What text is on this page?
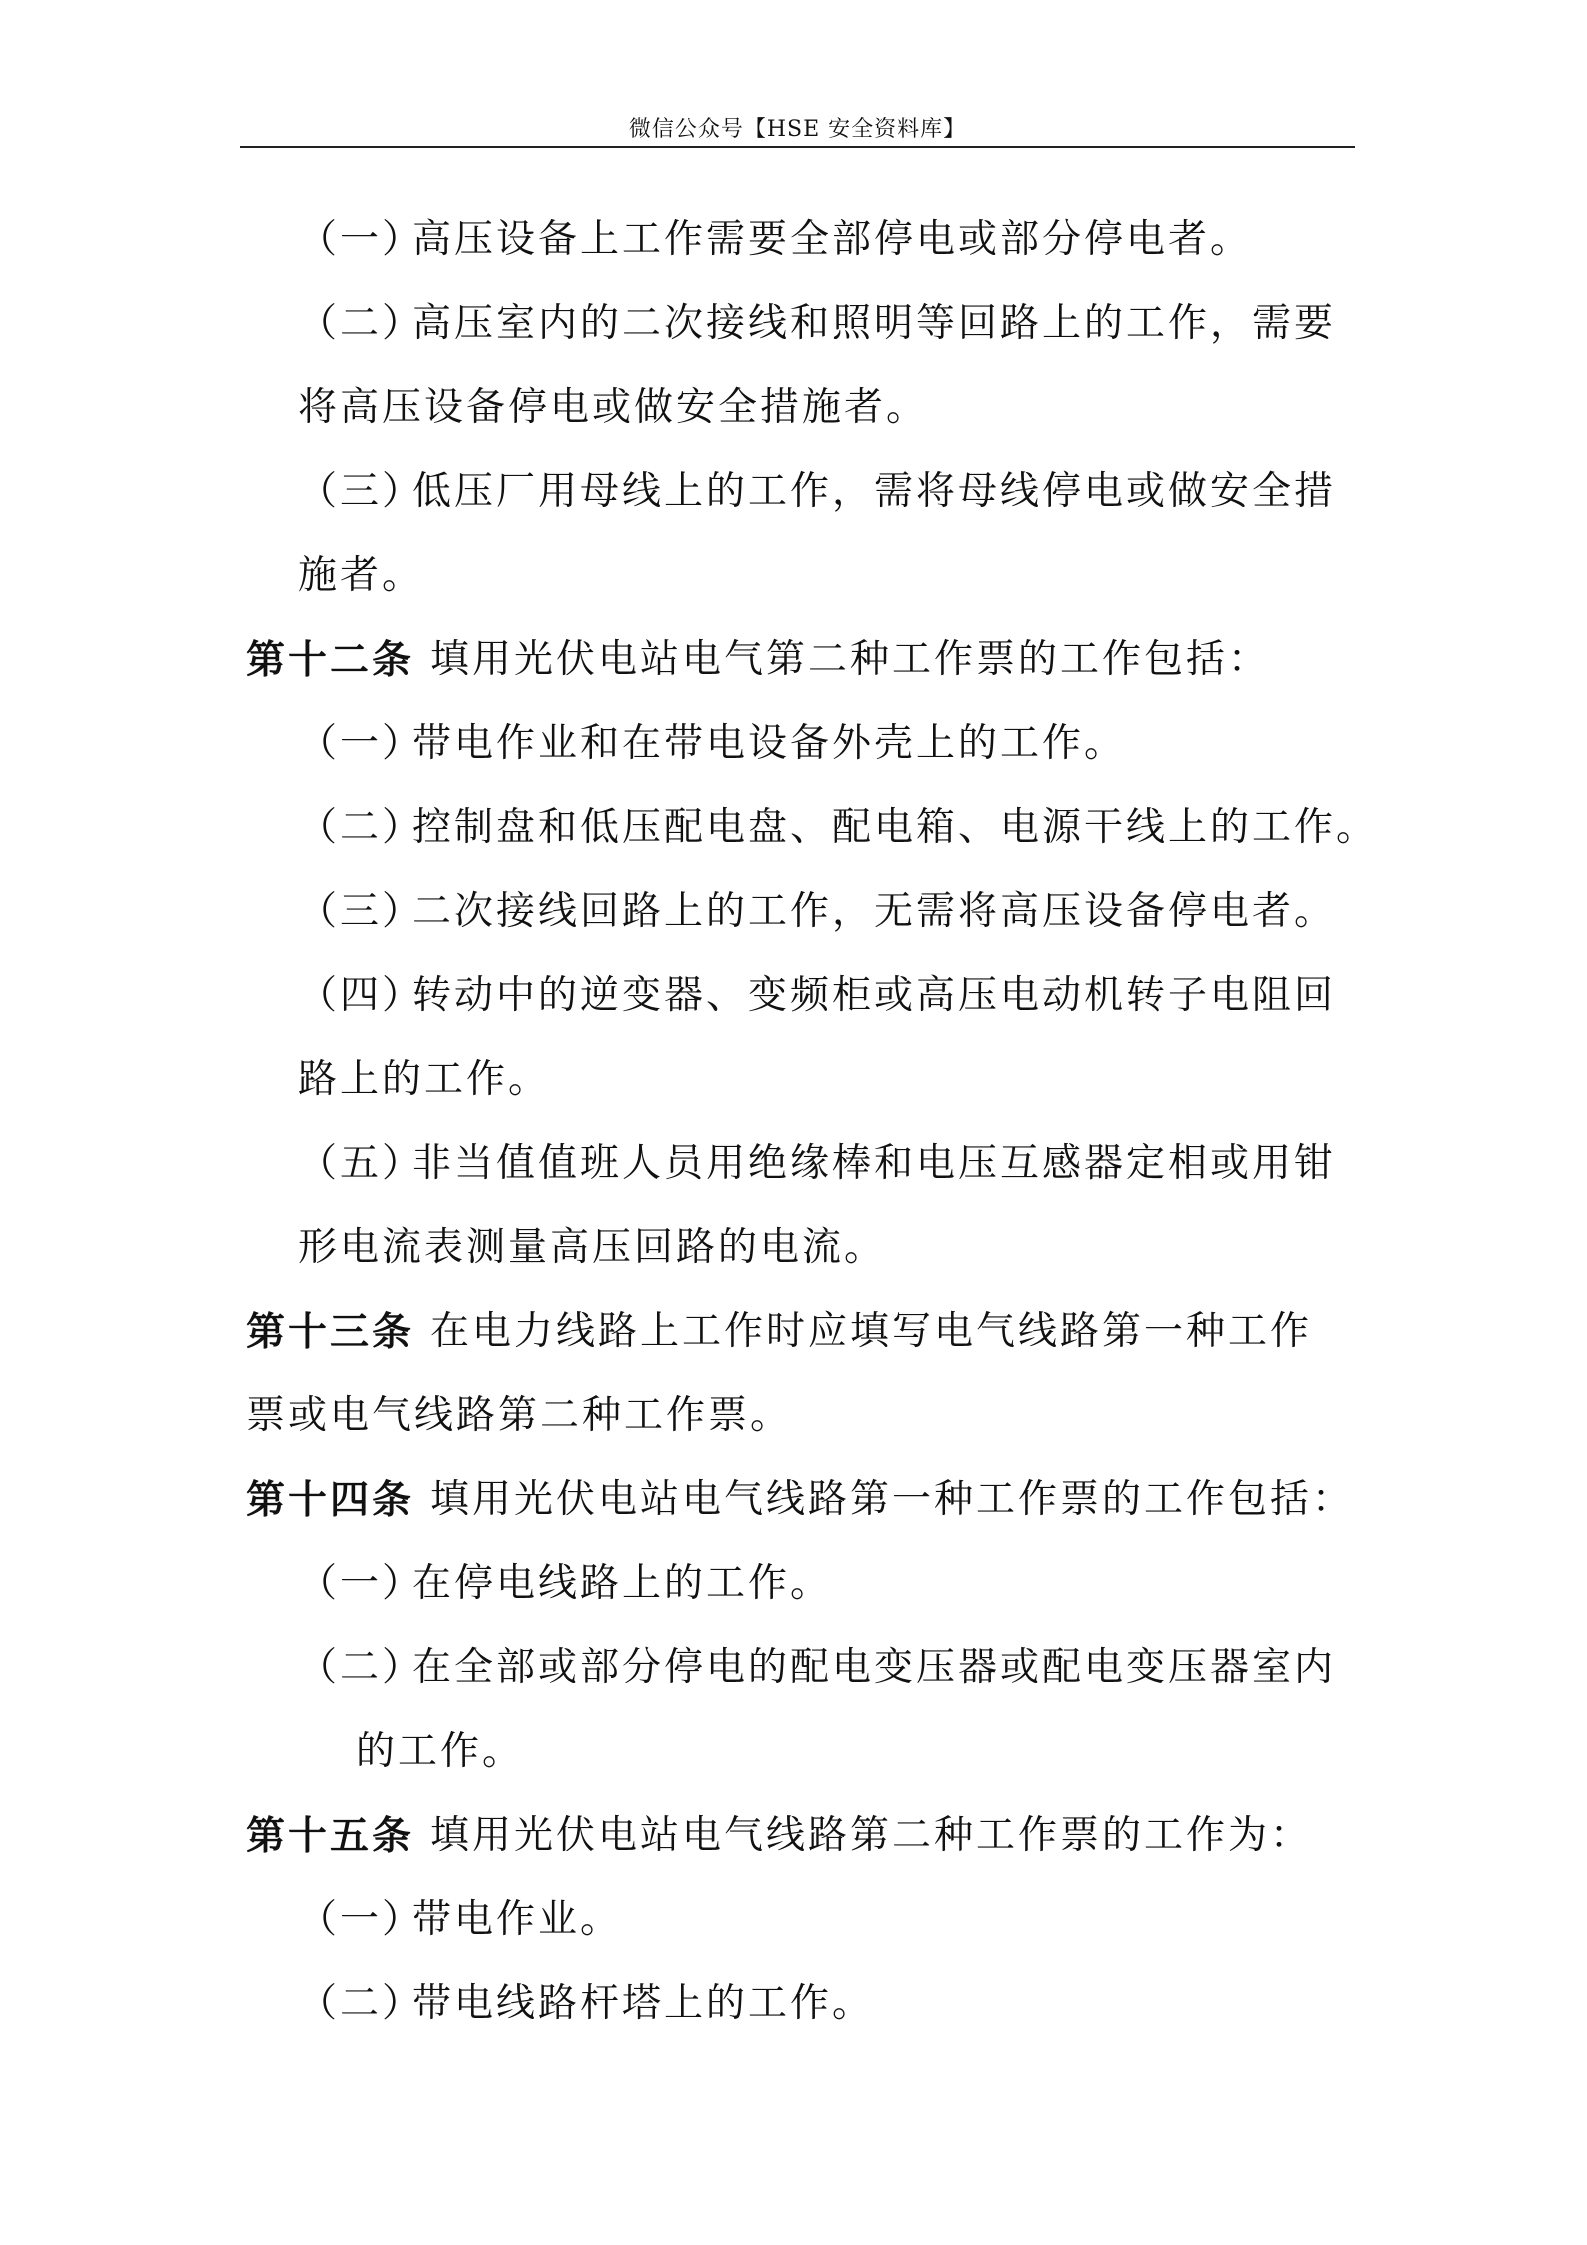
微信公众号【HSE 安全资料库】
（一）
高压设备上工作需要全部停电或部分停电者。
（二）
高压室内的二次接线和照明等回路上的工作，需要
将高压设备停电或做安全措施者。
（三）
低压厂用母线上的工作，需将母线停电或做安全措
施者。
第十二条 填用光伏电站电气第二种工作票的工作包括：
（一）
带电作业和在带电设备外壳上的工作。
（二）
控制盘和低压配电盘、配电箱、电源干线上的工作。
（三）
二次接线回路上的工作，无需将高压设备停电者。
（四）
转动中的逆变器、变频柜或高压电动机转子电阻回
路上的工作。
（五）
非当值值班人员用绝缘棒和电压互感器定相或用钳
形电流表测量高压回路的电流。
第十三条 在电力线路上工作时应填写电气线路第一种工作
票或电气线路第二种工作票。
第十四条 填用光伏电站电气线路第一种工作票的工作包括：
（一）
在停电线路上的工作。
（二）
在全部或部分停电的配电变压器或配电变压器室内
的工作。
第十五条 填用光伏电站电气线路第二种工作票的工作为：
（一）
带电作业。
（二）
带电线路杆塔上的工作。
